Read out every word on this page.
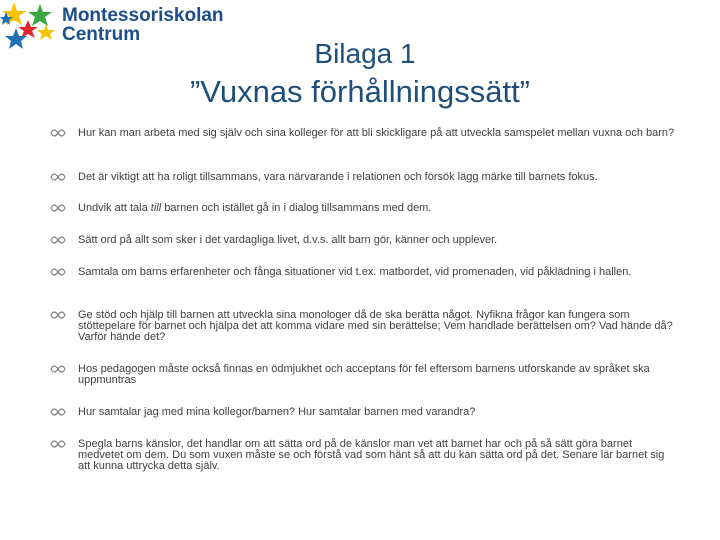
Montessoriskolan
Centrum
Bilaga 1
”Vuxnas förhållningssätt”
Hur kan man arbeta med sig själv och sina kolleger för att bli skickligare på att utveckla samspelet mellan vuxna och barn?
Det är viktigt att ha roligt tillsammans, vara närvarande i relationen och försök lägg märke till barnets fokus.
Undvik att tala till barnen och istället gå in i dialog tillsammans med dem.
Sätt ord på allt som sker i det vardagliga livet, d.v.s. allt barn gör, känner och upplever.
Samtala om barns erfarenheter och fånga situationer vid t.ex. matbordet, vid promenaden, vid påklädning i hallen.
Ge stöd och hjälp till barnen att utveckla sina monologer då de ska berätta något. Nyfikna frågor kan fungera som stöttepelare för barnet och hjälpa det att komma vidare med sin berättelse; Vem handlade berättelsen om? Vad hände då? Varför hände det?
Hos pedagogen måste också finnas en ödmjukhet och acceptans för fel eftersom barnens utforskande av språket ska uppmuntras
Hur samtalar jag med mina kollegor/barnen? Hur samtalar barnen med varandra?
Spegla barns känslor, det handlar om att sätta ord på de känslor man vet att barnet har och på så sätt göra barnet medvetet om dem. Du som vuxen måste se och förstå vad som hänt så att du kan sätta ord på det. Senare lär barnet sig att kunna uttrycka detta själv.
